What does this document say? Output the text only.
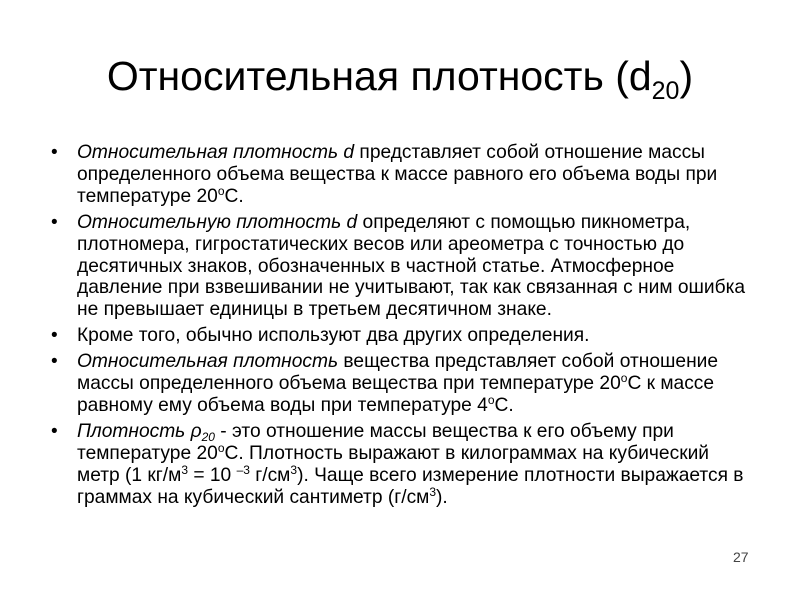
Относительная плотность $(d_{20})$
• Относительная плотность d представляет собой отношение массы определенного объема вещества к массе равного его объема воды при температуре $20^оС$.
• Относительную плотность d определяют с помощью пикнометра, плотномера, гигростатических весов или ареометра с точностью до десятичных знаков, обозначенных в частной статье. Атмосферное давление при взвешивании не учитывают, так как связанная с ним ошибка не превышает единицы в третьем десятичном знаке.
• Кроме того, обычно используют два других определения.
• Относительная плотность вещества представляет собой отношение массы определенного объема вещества при температуре $20^оС$ к массе равному ему объема воды при температуре $4^оС$.
• Плотность $\rho_{20}$ - это отношение массы вещества к его объему при температуре $20^оС$. Плотность выражают в килограммах на кубический метр (1 $кг/м^3 = 10$ $^{-3}$ $г/см^3$). Чаще всего измерение плотности выражается в граммах на кубический сантиметр $(г/см^3)$.
27
